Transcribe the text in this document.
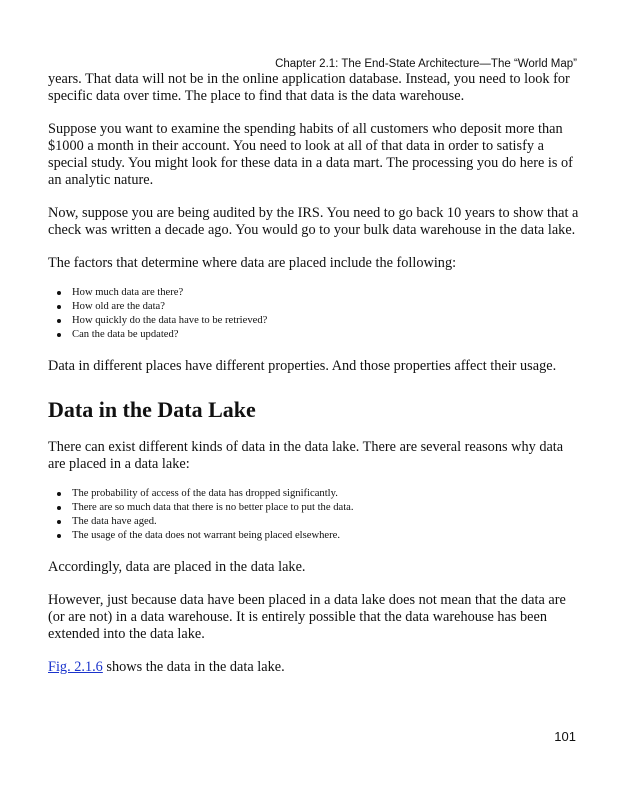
Chapter 2.1: The End-State Architecture—The “World Map”

years. That data will not be in the online application database. Instead, you need to look for specific data over time. The place to find that data is the data warehouse.

Suppose you want to examine the spending habits of all customers who deposit more than $1000 a month in their account. You need to look at all of that data in order to satisfy a special study. You might look for these data in a data mart. The processing you do here is of an analytic nature.

Now, suppose you are being audited by the IRS. You need to go back 10 years to show that a check was written a decade ago. You would go to your bulk data warehouse in the data lake.

The factors that determine where data are placed include the following:

How much data are there?
How old are the data?
How quickly do the data have to be retrieved?
Can the data be updated?

Data in different places have different properties. And those properties affect their usage.

Data in the Data Lake

There can exist different kinds of data in the data lake. There are several reasons why data are placed in a data lake:

The probability of access of the data has dropped significantly.
There are so much data that there is no better place to put the data.
The data have aged.
The usage of the data does not warrant being placed elsewhere.

Accordingly, data are placed in the data lake.

However, just because data have been placed in a data lake does not mean that the data are (or are not) in a data warehouse. It is entirely possible that the data warehouse has been extended into the data lake.

Fig. 2.1.6 shows the data in the data lake.

101
